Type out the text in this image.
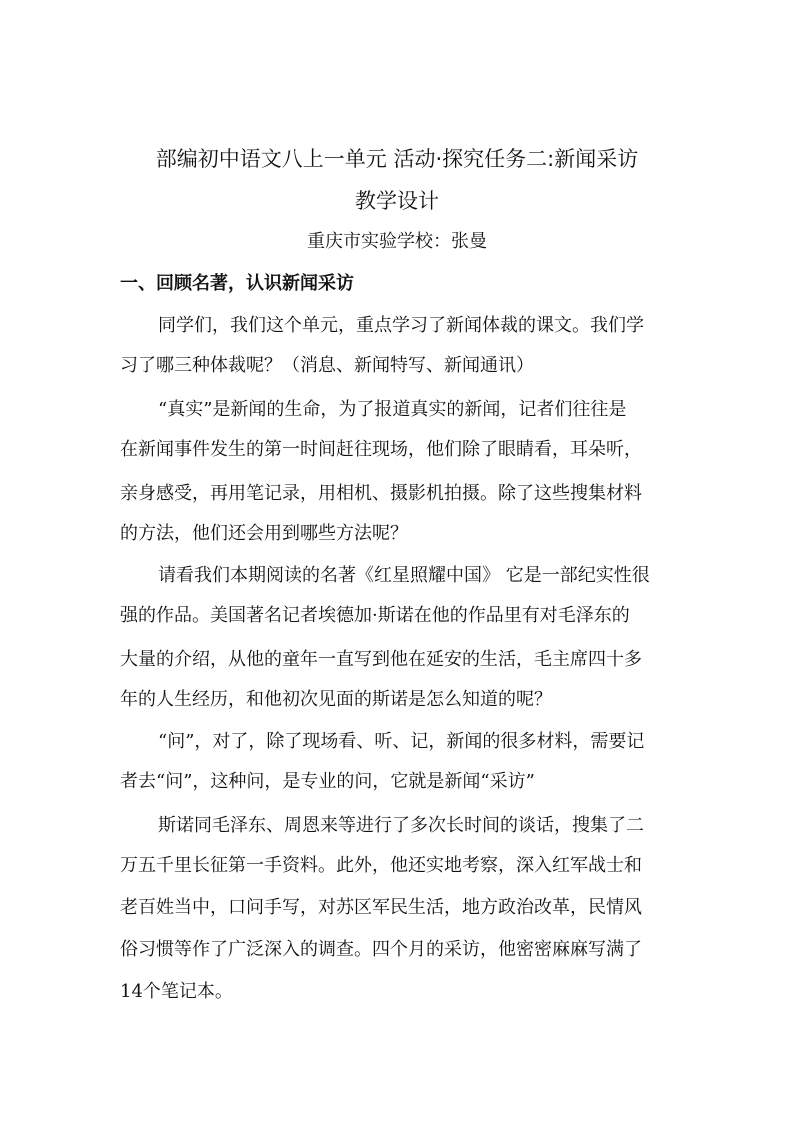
部编初中语文八上一单元 活动·探究任务二:新闻采访
教学设计
重庆市实验学校：张曼
一、回顾名著，认识新闻采访
同学们，我们这个单元，重点学习了新闻体裁的课文。我们学
习了哪三种体裁呢？（消息、新闻特写、新闻通讯）
“真实”是新闻的生命，为了报道真实的新闻，记者们往往是
在新闻事件发生的第一时间赶往现场，他们除了眼睛看，耳朵听，
亲身感受，再用笔记录，用相机、摄影机拍摄。除了这些搜集材料
的方法，他们还会用到哪些方法呢？
请看我们本期阅读的名著《红星照耀中国》 它是一部纪实性很
强的作品。美国著名记者埃德加·斯诺在他的作品里有对毛泽东的
大量的介绍，从他的童年一直写到他在延安的生活，毛主席四十多
年的人生经历，和他初次见面的斯诺是怎么知道的呢？
“问”，对了，除了现场看、听、记，新闻的很多材料，需要记
者去“问”，这种问，是专业的问，它就是新闻“采访”
斯诺同毛泽东、周恩来等进行了多次长时间的谈话，搜集了二
万五千里长征第一手资料。此外，他还实地考察，深入红军战士和
老百姓当中，口问手写，对苏区军民生活，地方政治改革，民情风
俗习惯等作了广泛深入的调查。四个月的采访，他密密麻麻写满了
14个笔记本。
